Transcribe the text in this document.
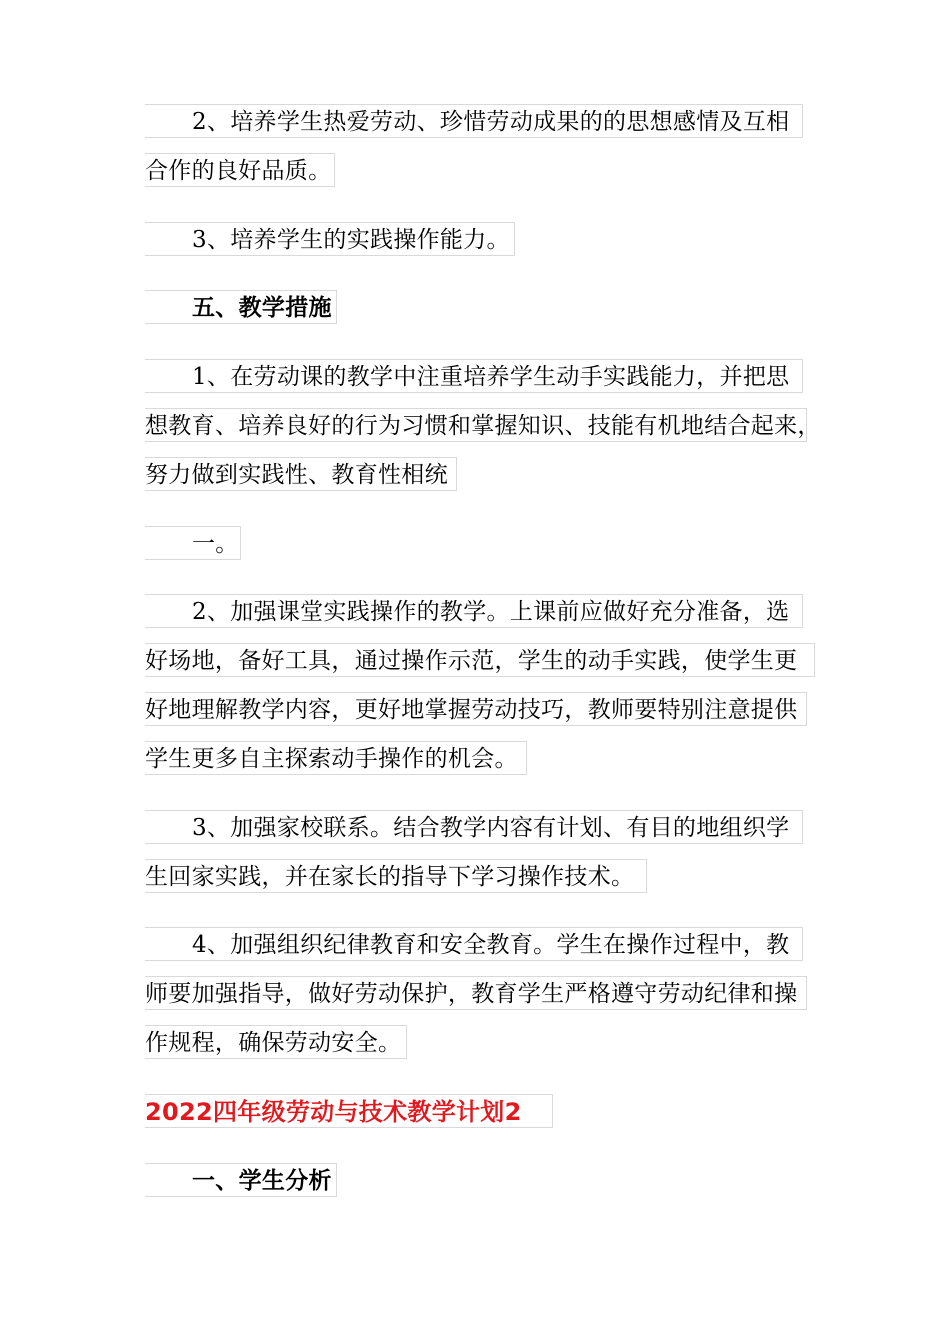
2、培养学生热爱劳动、珍惜劳动成果的的思想感情及互相
合作的良好品质。
3、培养学生的实践操作能力。
五、教学措施
1、在劳动课的教学中注重培养学生动手实践能力，并把思
想教育、培养良好的行为习惯和掌握知识、技能有机地结合起来，
努力做到实践性、教育性相统
一。
2、加强课堂实践操作的教学。上课前应做好充分准备，选
好场地，备好工具，通过操作示范，学生的动手实践，使学生更
好地理解教学内容，更好地掌握劳动技巧，教师要特别注意提供
学生更多自主探索动手操作的机会。
3、加强家校联系。结合教学内容有计划、有目的地组织学
生回家实践，并在家长的指导下学习操作技术。
4、加强组织纪律教育和安全教育。学生在操作过程中，教
师要加强指导，做好劳动保护，教育学生严格遵守劳动纪律和操
作规程，确保劳动安全。
2022四年级劳动与技术教学计划2
一、学生分析
